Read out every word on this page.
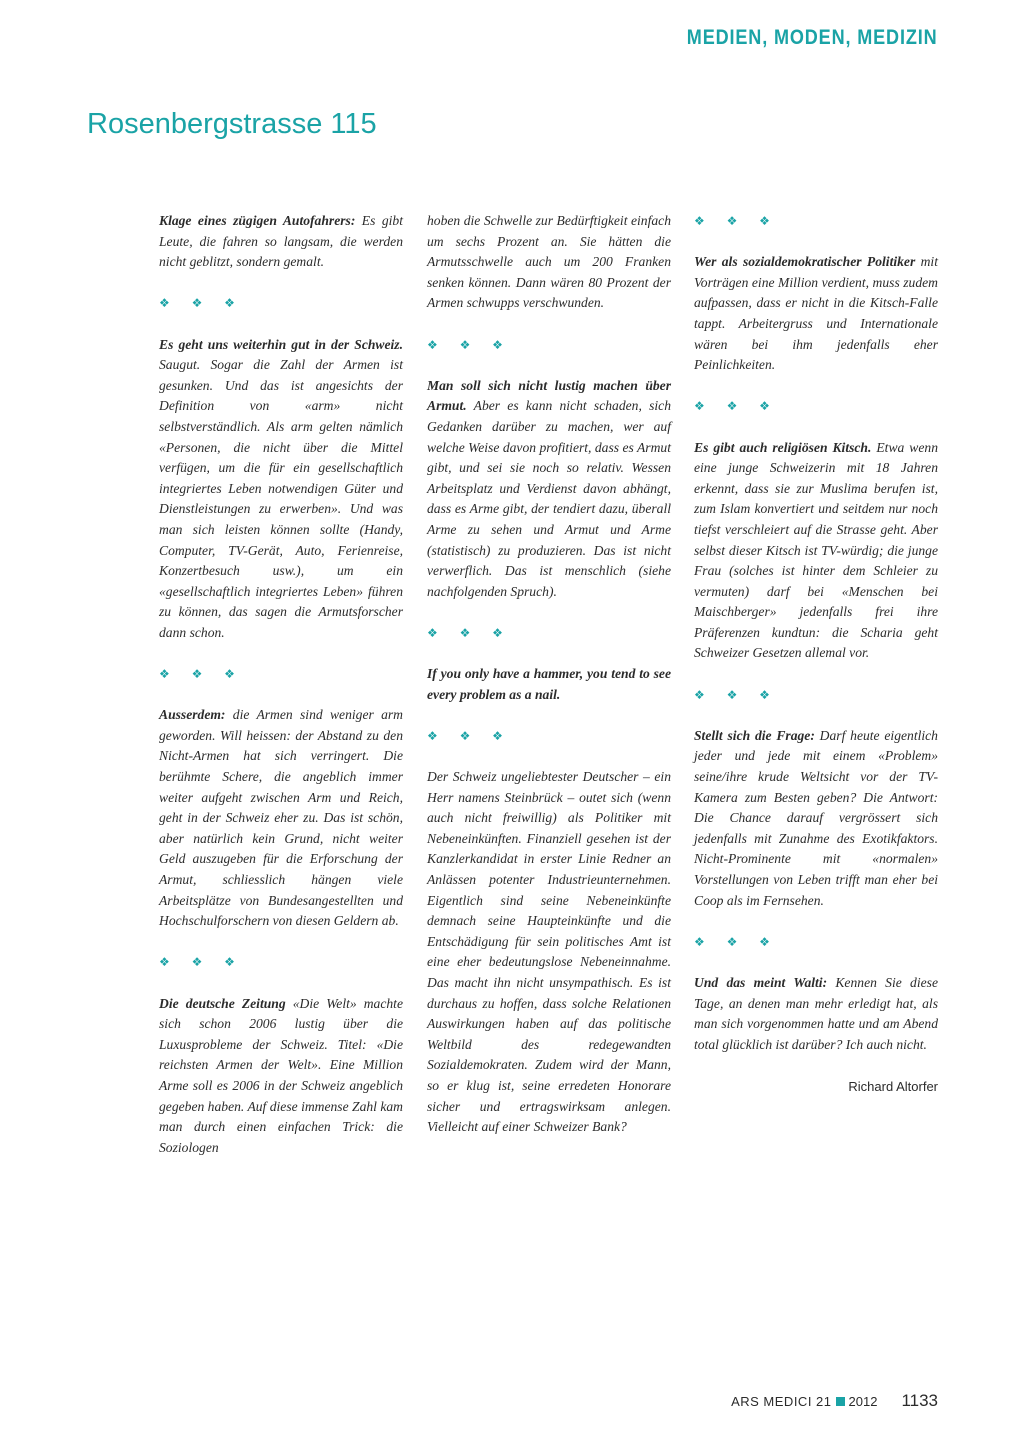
MEDIEN, MODEN, MEDIZIN
Rosenbergstrasse 115

Klage eines zügigen Autofahrers: Es gibt Leute, die fahren so langsam, die werden nicht geblitzt, sondern gemalt.

❖ ❖ ❖

Es geht uns weiterhin gut in der Schweiz. Saugut. Sogar die Zahl der Armen ist gesunken. Und das ist angesichts der Definition von «arm» nicht selbstverständlich. Als arm gelten nämlich «Personen, die nicht über die Mittel verfügen, um die für ein gesellschaftlich integriertes Leben notwendigen Güter und Dienstleistungen zu erwerben». Und was man sich leisten können sollte (Handy, Computer, TV-Gerät, Auto, Ferienreise, Konzertbesuch usw.), um ein «gesellschaftlich integriertes Leben» führen zu können, das sagen die Armutsforscher dann schon.

❖ ❖ ❖

Ausserdem: die Armen sind weniger arm geworden. Will heissen: der Abstand zu den Nicht-Armen hat sich verringert. Die berühmte Schere, die angeblich immer weiter aufgeht zwischen Arm und Reich, geht in der Schweiz eher zu. Das ist schön, aber natürlich kein Grund, nicht weiter Geld auszugeben für die Erforschung der Armut, schliesslich hängen viele Arbeitsplätze von Bundesangestellten und Hochschulforschern von diesen Geldern ab.

❖ ❖ ❖

Die deutsche Zeitung «Die Welt» machte sich schon 2006 lustig über die Luxusprobleme der Schweiz. Titel: «Die reichsten Armen der Welt». Eine Million Arme soll es 2006 in der Schweiz angeblich gegeben haben. Auf diese immense Zahl kam man durch einen einfachen Trick: die Soziologen

hoben die Schwelle zur Bedürftigkeit einfach um sechs Prozent an. Sie hätten die Armutsschwelle auch um 200 Franken senken können. Dann wären 80 Prozent der Armen schwupps verschwunden.

❖ ❖ ❖

Man soll sich nicht lustig machen über Armut. Aber es kann nicht schaden, sich Gedanken darüber zu machen, wer auf welche Weise davon profitiert, dass es Armut gibt, und sei sie noch so relativ. Wessen Arbeitsplatz und Verdienst davon abhängt, dass es Arme gibt, der tendiert dazu, überall Arme zu sehen und Armut und Arme (statistisch) zu produzieren. Das ist nicht verwerflich. Das ist menschlich (siehe nachfolgenden Spruch).

❖ ❖ ❖

If you only have a hammer, you tend to see every problem as a nail.

❖ ❖ ❖

Der Schweiz ungeliebtester Deutscher – ein Herr namens Steinbrück – outet sich (wenn auch nicht freiwillig) als Politiker mit Nebeneinkünften. Finanziell gesehen ist der Kanzlerkandidat in erster Linie Redner an Anlässen potenter Industrieunternehmen. Eigentlich sind seine Nebeneinkünfte demnach seine Haupteinkünfte und die Entschädigung für sein politisches Amt ist eine eher bedeutungslose Nebeneinnahme. Das macht ihn nicht unsympathisch. Es ist durchaus zu hoffen, dass solche Relationen Auswirkungen haben auf das politische Weltbild des redegewandten Sozialdemokraten. Zudem wird der Mann, so er klug ist, seine erredeten Honorare sicher und ertragswirksam anlegen. Vielleicht auf einer Schweizer Bank?

❖ ❖ ❖

Wer als sozialdemokratischer Politiker mit Vorträgen eine Million verdient, muss zudem aufpassen, dass er nicht in die Kitsch-Falle tappt. Arbeitergruss und Internationale wären bei ihm jedenfalls eher Peinlichkeiten.

❖ ❖ ❖

Es gibt auch religiösen Kitsch. Etwa wenn eine junge Schweizerin mit 18 Jahren erkennt, dass sie zur Muslima berufen ist, zum Islam konvertiert und seitdem nur noch tiefst verschleiert auf die Strasse geht. Aber selbst dieser Kitsch ist TV-würdig; die junge Frau (solches ist hinter dem Schleier zu vermuten) darf bei «Menschen bei Maischberger» jedenfalls frei ihre Präferenzen kundtun: die Scharia geht Schweizer Gesetzen allemal vor.

❖ ❖ ❖

Stellt sich die Frage: Darf heute eigentlich jeder und jede mit einem «Problem» seine/ihre krude Weltsicht vor der TV-Kamera zum Besten geben? Die Antwort: Die Chance darauf vergrössert sich jedenfalls mit Zunahme des Exotikfaktors. Nicht-Prominente mit «normalen» Vorstellungen von Leben trifft man eher bei Coop als im Fernsehen.

❖ ❖ ❖

Und das meint Walti: Kennen Sie diese Tage, an denen man mehr erledigt hat, als man sich vorgenommen hatte und am Abend total glücklich ist darüber? Ich auch nicht.

Richard Altorfer

ARS MEDICI 21 2012 1133
